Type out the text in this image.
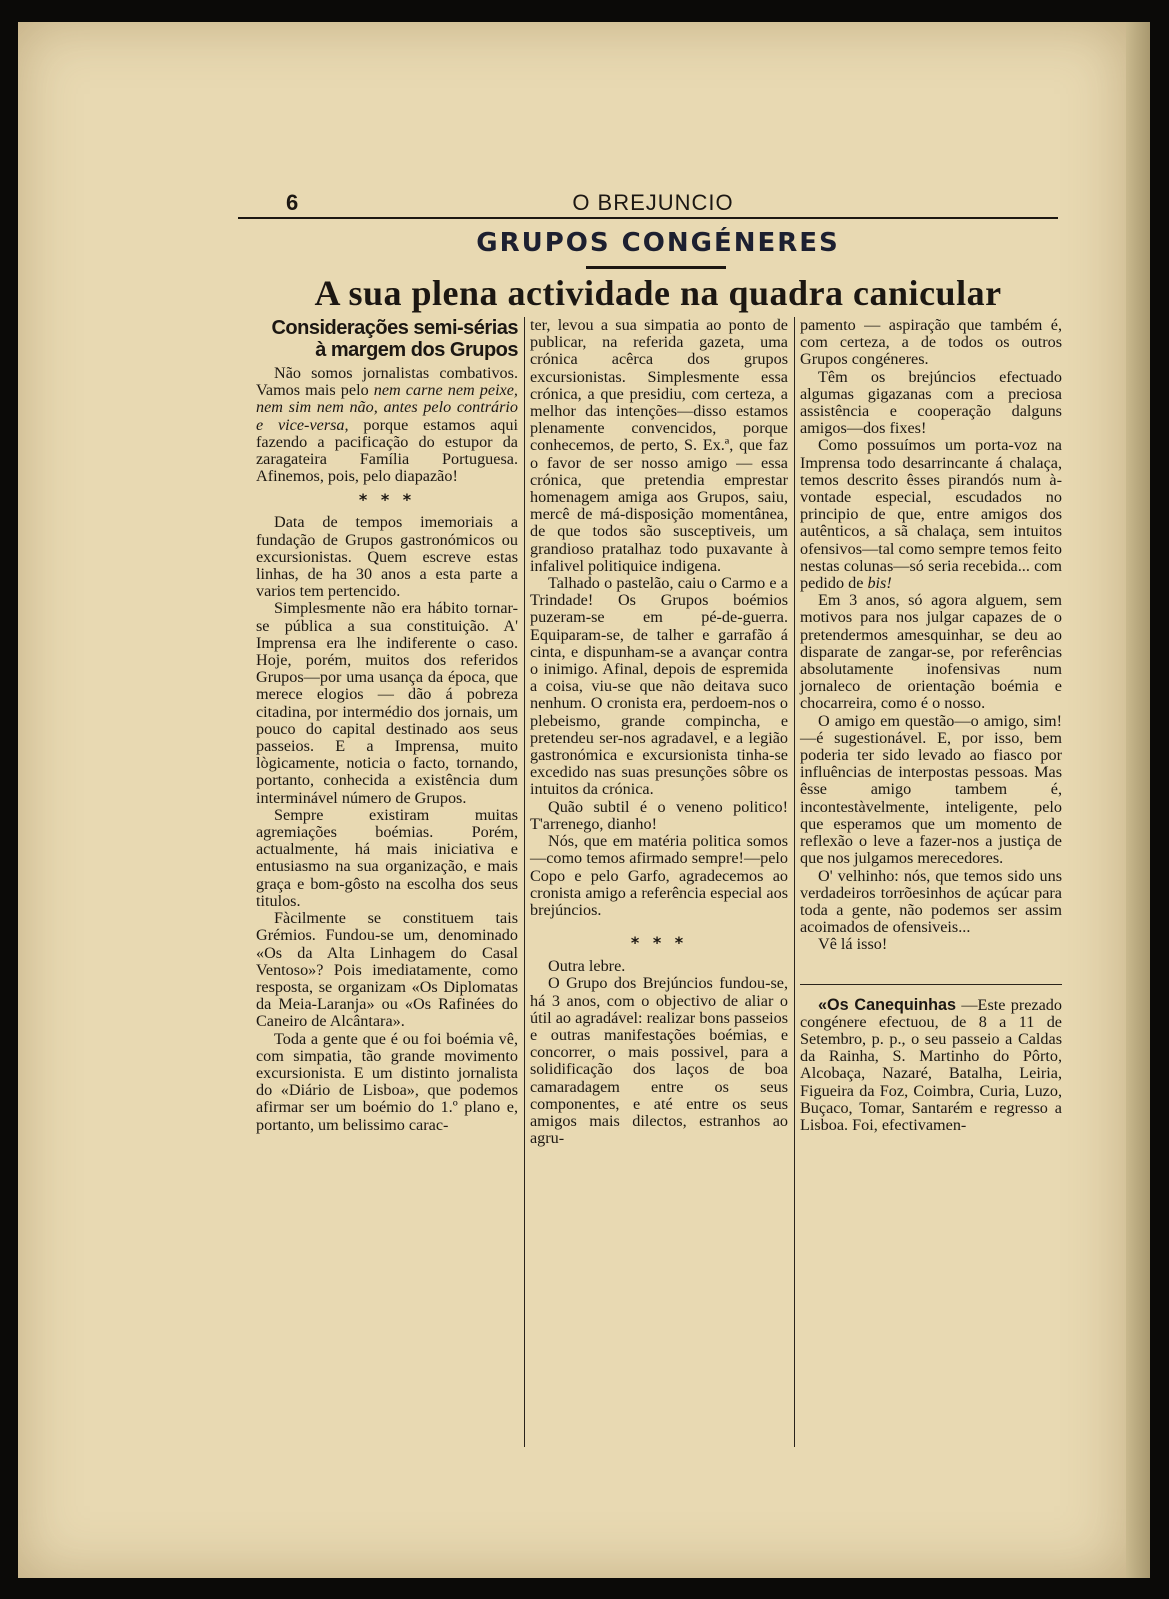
6	O BREJUNCIO
GRUPOS CONGÉNERES
A sua plena actividade na quadra canicular
Considerações semi-sérias
à margem dos Grupos

Não somos jornalistas combativos. Vamos mais pelo nem carne nem peixe, nem sim nem não, antes pelo contrário e vice-versa, porque estamos aqui fazendo a pacificação do estupor da zaragateira Família Portuguesa. Afinemos, pois, pelo diapazão!

* * *

Data de tempos imemoriais a fundação de Grupos gastronómicos ou excursionistas. Quem escreve estas linhas, de ha 30 anos a esta parte a varios tem pertencido.

Simplesmente não era hábito tornar-se pública a sua constituição. A' Imprensa era lhe indiferente o caso. Hoje, porém, muitos dos referidos Grupos—por uma usança da época, que merece elogios — dão á pobreza citadina, por intermédio dos jornais, um pouco do capital destinado aos seus passeios. E a Imprensa, muito lògicamente, noticia o facto, tornando, portanto, conhecida a existência dum interminável número de Grupos.

Sempre existiram muitas agremiações boémias. Porém, actualmente, há mais iniciativa e entusiasmo na sua organização, e mais graça e bom-gôsto na escolha dos seus titulos.

Fàcilmente se constituem tais Grémios. Fundou-se um, denominado «Os da Alta Linhagem do Casal Ventoso»? Pois imediatamente, como resposta, se organizam «Os Diplomatas da Meia-Laranja» ou «Os Rafinées do Caneiro de Alcântara».

Toda a gente que é ou foi boémia vê, com simpatia, tão grande movimento excursionista. E um distinto jornalista do «Diário de Lisboa», que podemos afirmar ser um boémio do 1.º plano e, portanto, um belissimo carac-

ter, levou a sua simpatia ao ponto de publicar, na referida gazeta, uma crónica acêrca dos grupos excursionistas. Simplesmente essa crónica, a que presidiu, com certeza, a melhor das intenções—disso estamos plenamente convencidos, porque conhecemos, de perto, S. Ex.ª, que faz o favor de ser nosso amigo — essa crónica, que pretendia emprestar homenagem amiga aos Grupos, saiu, mercê de má-disposição momentânea, de que todos são susceptiveis, um grandioso pratalhaz todo puxavante à infalivel politiquice indigena.

Talhado o pastelão, caiu o Carmo e a Trindade! Os Grupos boémios puzeram-se em pé-de-guerra. Equiparam-se, de talher e garrafão á cinta, e dispunham-se a avançar contra o inimigo. Afinal, depois de espremida a coisa, viu-se que não deitava suco nenhum. O cronista era, perdoem-nos o plebeismo, grande compincha, e pretendeu ser-nos agradavel, e a legião gastronómica e excursionista tinha-se excedido nas suas presunções sôbre os intuitos da crónica.

Quão subtil é o veneno politico! T'arrenego, dianho!

Nós, que em matéria politica somos—como temos afirmado sempre!—pelo Copo e pelo Garfo, agradecemos ao cronista amigo a referência especial aos brejúncios.

* * *

Outra lebre.

O Grupo dos Brejúncios fundou-se, há 3 anos, com o objectivo de aliar o útil ao agradável: realizar bons passeios e outras manifestações boémias, e concorrer, o mais possivel, para a solidificação dos laços de boa camaradagem entre os seus componentes, e até entre os seus amigos mais dilectos, estranhos ao agru-

pamento — aspiração que também é, com certeza, a de todos os outros Grupos congéneres.

Têm os brejúncios efectuado algumas gigazanas com a preciosa assistência e cooperação dalguns amigos—dos fixes!

Como possuímos um porta-voz na Imprensa todo desarrincante á chalaça, temos descrito êsses pirandós num à-vontade especial, escudados no principio de que, entre amigos dos autênticos, a sã chalaça, sem intuitos ofensivos—tal como sempre temos feito nestas colunas—só seria recebida... com pedido de bis!

Em 3 anos, só agora alguem, sem motivos para nos julgar capazes de o pretendermos amesquinhar, se deu ao disparate de zangar-se, por referências absolutamente inofensivas num jornaleco de orientação boémia e chocarreira, como é o nosso.

O amigo em questão—o amigo, sim!—é sugestionável. E, por isso, bem poderia ter sido levado ao fiasco por influências de interpostas pessoas. Mas êsse amigo tambem é, incontestàvelmente, inteligente, pelo que esperamos que um momento de reflexão o leve a fazer-nos a justiça de que nos julgamos merecedores.

O' velhinho: nós, que temos sido uns verdadeiros torrõesinhos de açúcar para toda a gente, não podemos ser assim acoimados de ofensiveis...

Vê lá isso!

«Os Canequinhas —Este prezado congénere efectuou, de 8 a 11 de Setembro, p. p., o seu passeio a Caldas da Rainha, S. Martinho do Pôrto, Alcobaça, Nazaré, Batalha, Leiria, Figueira da Foz, Coimbra, Curia, Luzo, Buçaco, Tomar, Santarém e regresso a Lisboa. Foi, efectivamen-
